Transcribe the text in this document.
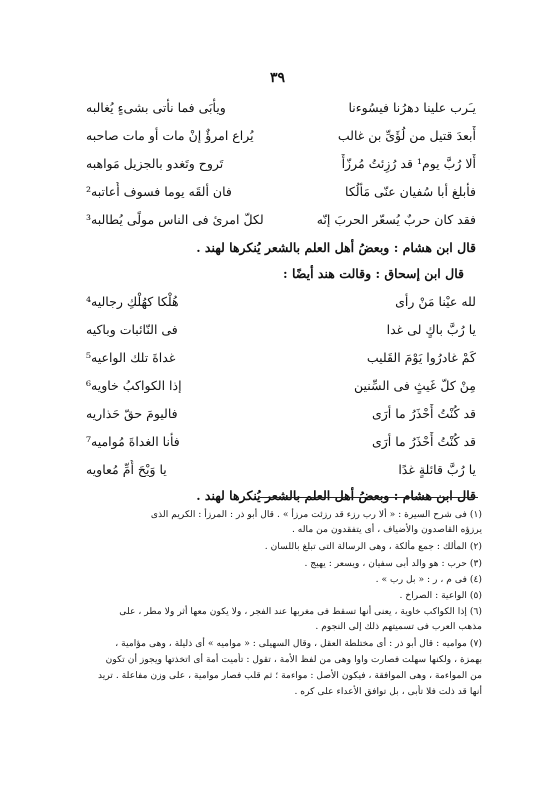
٣٩
يـَرب علينا دهرُنا فيسُوءنا
ويأْبَى فما نأتى بشىءٍ يُغالبه
أَبعدَ قتيل من لُؤَىِّ بن غالب
يُراع امرؤٌ إنْ مات أو مات صاحبه
أَلا رُبَّ يوم¹ قد رُزِئتُ مُرزّأً
تَروح وتَغدو بالجزيل مَواهبه
فأبلغ أبا سُفيان عنّى مَألُكا
فان ألقَه يوما فسوف أُعاتبه²
فقد كان حربٌ يُسعّر الحربَ إنّه
لكلّ امرئ فى الناس مولًى يُطالبه³
قال ابن هشام : وبعضُ أهل العلم بالشعر يُنكرها لهند .
قال ابن إسحاق : وقالت هند أيضًا :
لله عيْنا مَنْ رأى
هُلْكا كهُلْكِ رجاليه⁴
يا رُبَّ باكٍ لى غدا
فى النّائبات وباكيه
كَمْ غادرُوا يَوْمَ القَليب
غداةَ تلك الواعيه⁵
مِنْ كلّ غَيثٍ فى السِّنين
إذا الكواكبُ خاويه⁶
قد كُنْتُ أَحْذَرُ ما أرَى
فاليومَ حقّ حَذاريه
قد كُنْتُ أَحْذَرُ ما أرَى
فأنا الغداةَ مُواميه⁷
يا رُبَّ قائلةٍ غدًا
يا وَيْحَ أُمِّ مُعاويه
قال ابن هشام : وبعضُ أهل العلم بالشعر يُنكرها لهند .
(١) فى شرح السيرة : « ألا رب رزء قد رزئت مرزأ » . قال أبو ذر : المرزأ : الكريم الذى
يرزؤه القاصدون والأضياف ، أى يتفقدون من ماله .
(٢) المألك : جمع مألكة ، وهى الرسالة التى تبلغ باللسان .
(٣) حرب : هو والد أبى سفيان ، ويسعر : يهيج .
(٤) فى م ، ر : « بل رب » .
(٥) الواعية : الصراخ .
(٦) إذا الكواكب خاوية ، يعنى أنها تسقط فى مغربها عند الفجر ، ولا يكون معها أثر ولا مطر ، على
مذهب العرب فى تسميتهم ذلك إلى النجوم .
(٧) مواميه : قال أبو ذر : أى مختلطة العقل ، وقال السهيلى : « مواميه » أى ذليلة ، وهى مؤامية ،
بهمزة ، ولكنها سهلت فصارت واوا وهى من لفظ الأمة ، تقول : تأميت أمة أى اتخذتها ويجوز أن تكون
من المواءمة ، وهى الموافقة ، فيكون الأصل : مواءمة ؛ ثم قلب فصار موامية ، على وزن مفاعلة . تريد
أنها قد ذلت فلا تأبى ، بل توافق الأعداء على كره .
